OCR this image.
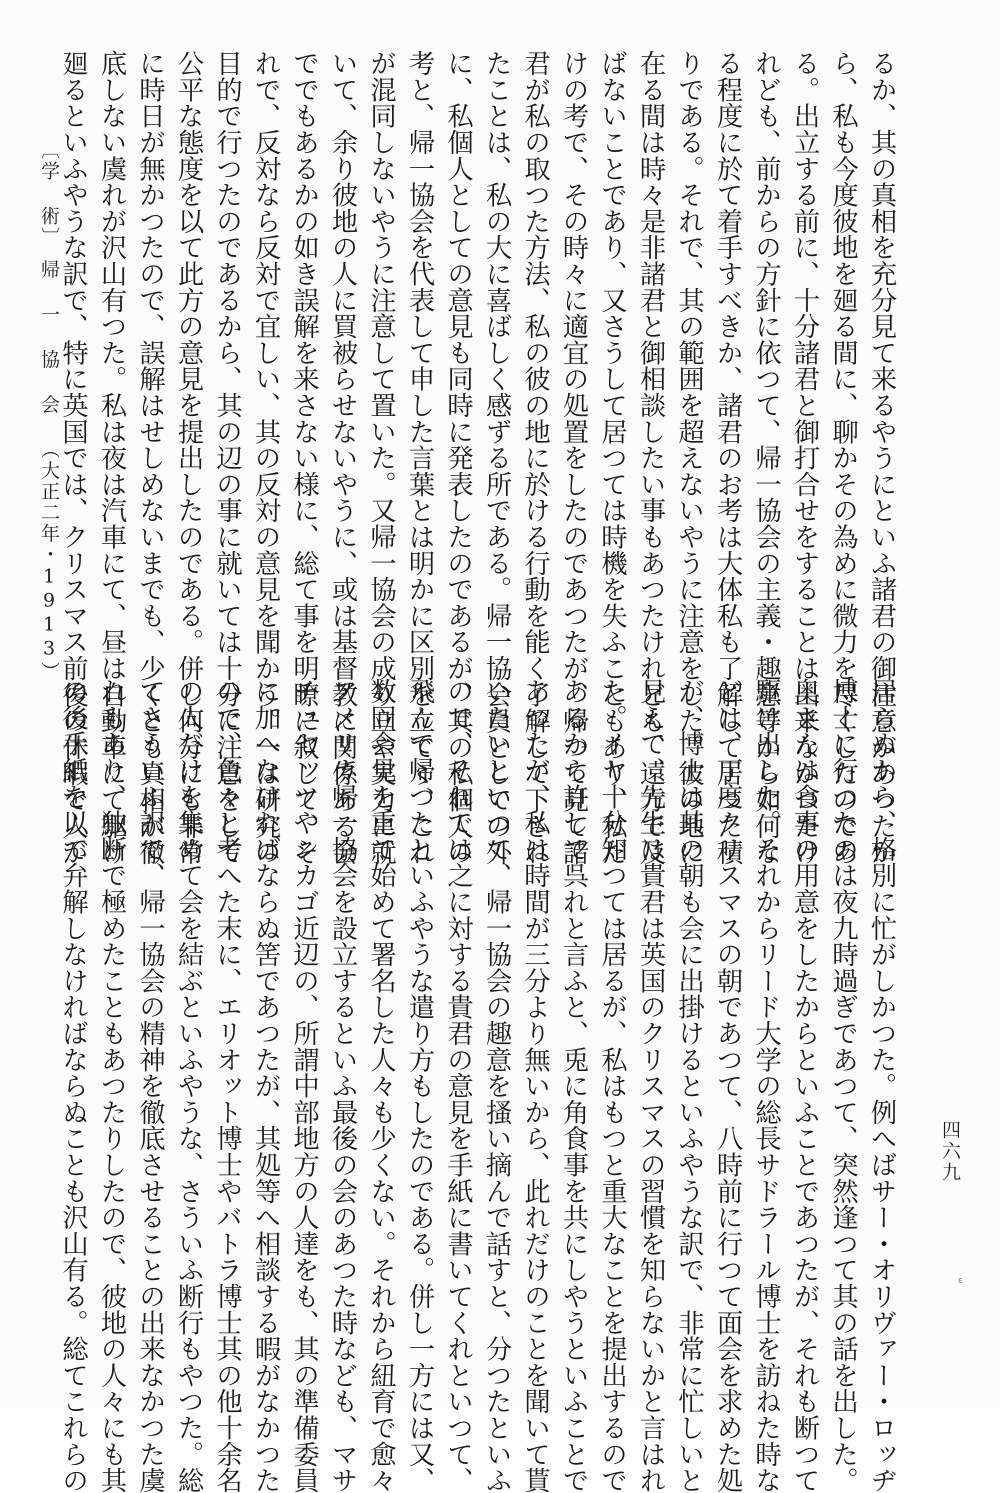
るか、其の真相を充分見て来るやうにといふ諸君の御注意があつたか
ら、私も今度彼地を廻る間に、聊かその為めに微力を尽くしたのであ
る。出立する前に、十分諸君と御打合せをすることは出来なかつたけ
れども、前からの方針に依つて、帰一協会の主義・趣意等から如何な
る程度に於て着手すべきか、諸君のお考は大体私も了解して居つた積
りである。それで、其の範囲を超えないやうに注意をした。彼の地に
在る間は時々是非諸君と御相談したい事もあつたけれども、遠方で及
ばないことであり、又さうして居つては時機を失ふこともあり、私だ
けの考で、その時々に適宜の処置をしたのであつたが、帰つて見て諸
君が私の取つた方法、私の彼の地に於ける行動を能く了解して下され
たことは、私の大に喜ばしく感ずる所である。帰一協会員としての外
に、私個人としての意見も同時に発表したのであるが、其の私個人の
考と、帰一協会を代表して申した言葉とは明かに区別を立て〻、これ
が混同しないやうに注意して置いた。又帰一協会の成り立や実力に就
いて、余り彼地の人に買被らせないやうに、或は基督教に関係ある会
ででもあるかの如き誤解を来さない様に、総て事を明瞭に叙して、そ
れで、反対なら反対で宜しい、其の反対の意見を聞かう。一は研究の
目的で行つたのであるから、其の辺の事に就いては十分に注意をして
公平な態度を以て此方の意見を提出したのである。併し何分にも非常
に時日が無かつたので、誤解はせしめないまでも、少くとも真相が徹
底しない虞れが沢山有つた。私は夜は汽車にて、昼は自動車にて駆け
廻るといふやうな訳で、特に英国では、クリスマス前後の休暇で人が
居らぬから、格別に忙がしかつた。例へばサー・オリヴァー・ロッヂ
博士に行つたのは夜九時過ぎであつて、突然逢つて其の話を出した。
奥さんは食事の用意をしたからといふことであつたが、それも断つて
駆け出した。それからリード大学の総長サドラール博士を訪ねた時な
どは、丁度クリスマスの朝であつて、八時前に行つて面会を求めた処
が、博士は其の朝も会に出掛けるといふやうな訳で、非常に忙しいと
見えて、先生は貴君は英国のクリスマスの習慣を知らないかと言はれ
た。イヤ十分知つては居るが、私はもつと重大なことを提出するので
あるから許して呉れと言ふと、兎に角食事を共にしやうといふことで
あつたが、私は時間が三分より無いから、此れだけのことを聞いて貰
いたいといつて、帰一協会の趣意を搔い摘んで話すと、分つたといふ
ので、それでは之に対する貴君の意見を手紙に書いてくれといつて、
飛んで帰つたといふやうな遣り方もしたのである。併し一方には又、
数回会見を重て始めて署名した人々も少くない。それから紐育で愈々
アメリカ帰一協会を設立するといふ最後の会のあつた時なども、マサ
チュセッツやシカゴ近辺の、所謂中部地方の人達をも、其の準備委員
に加へなければならぬ筈であつたが、其処等へ相談する暇がなかつた
ので、色々と考へた末に、エリオット博士やバトラ博士其の他十余名
の人だけを集めて会を結ぶといふやうな、さういふ断行もやつた。総
てさういふ訳で、帰一協会の精神を徹底させることの出来なかつた虞
れもあり、独断で極めたこともあつたりしたので、彼地の人々にも其
の後手紙を以て弁解しなければならぬことも沢山有る。総てこれらの
〔学 術〕　帰 一 協 会 （大正二年・1913）
四六九
ε
